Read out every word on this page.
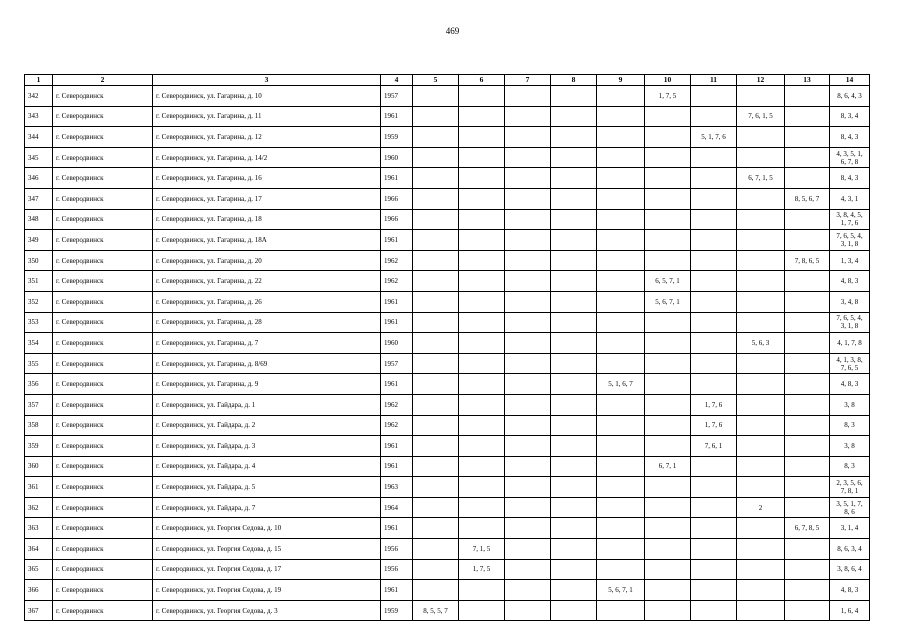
469
1	2	3	4	5	6	7	8	9	10	11	12	13	14
342	г. Северодвинск	г. Северодвинск, ул. Гагарина, д. 10	1957						1, 7, 5				8, 6, 4, 3
343	г. Северодвинск	г. Северодвинск, ул. Гагарина, д. 11	1961								7, 6, 1, 5		8, 3, 4
344	г. Северодвинск	г. Северодвинск, ул. Гагарина, д. 12	1959							5, 1, 7, 6			8, 4, 3
345	г. Северодвинск	г. Северодвинск, ул. Гагарина, д. 14/2	1960										4, 3, 5, 1, 6, 7, 8
346	г. Северодвинск	г. Северодвинск, ул. Гагарина, д. 16	1961								6, 7, 1, 5		8, 4, 3
347	г. Северодвинск	г. Северодвинск, ул. Гагарина, д. 17	1966									8, 5, 6, 7	4, 3, 1
348	г. Северодвинск	г. Северодвинск, ул. Гагарина, д. 18	1966										3, 8, 4, 5, 1, 7, 6
349	г. Северодвинск	г. Северодвинск, ул. Гагарина, д. 18А	1961										7, 6, 5, 4, 3, 1, 8
350	г. Северодвинск	г. Северодвинск, ул. Гагарина, д. 20	1962									7, 8, 6, 5	1, 3, 4
351	г. Северодвинск	г. Северодвинск, ул. Гагарина, д. 22	1962						6, 5, 7, 1				4, 8, 3
352	г. Северодвинск	г. Северодвинск, ул. Гагарина, д. 26	1961						5, 6, 7, 1				3, 4, 8
353	г. Северодвинск	г. Северодвинск, ул. Гагарина, д. 28	1961										7, 6, 5, 4, 3, 1, 8
354	г. Северодвинск	г. Северодвинск, ул. Гагарина, д. 7	1960								5, 6, 3		4, 1, 7, 8
355	г. Северодвинск	г. Северодвинск, ул. Гагарина, д. 8/69	1957										4, 1, 3, 8, 7, 6, 5
356	г. Северодвинск	г. Северодвинск, ул. Гагарина, д. 9	1961					5, 1, 6, 7					4, 8, 3
357	г. Северодвинск	г. Северодвинск, ул. Гайдара, д. 1	1962							1, 7, 6			3, 8
358	г. Северодвинск	г. Северодвинск, ул. Гайдара, д. 2	1962							1, 7, 6			8, 3
359	г. Северодвинск	г. Северодвинск, ул. Гайдара, д. 3	1961							7, 6, 1			3, 8
360	г. Северодвинск	г. Северодвинск, ул. Гайдара, д. 4	1961						6, 7, 1				8, 3
361	г. Северодвинск	г. Северодвинск, ул. Гайдара, д. 5	1963										2, 3, 5, 6, 7, 8, 1
362	г. Северодвинск	г. Северодвинск, ул. Гайдара, д. 7	1964								2		3, 5, 1, 7, 8, 6
363	г. Северодвинск	г. Северодвинск, ул. Георгия Седова, д. 10	1961									6, 7, 8, 5	3, 1, 4
364	г. Северодвинск	г. Северодвинск, ул. Георгия Седова, д. 15	1956		7, 1, 5								8, 6, 3, 4
365	г. Северодвинск	г. Северодвинск, ул. Георгия Седова, д. 17	1956		1, 7, 5								3, 8, 6, 4
366	г. Северодвинск	г. Северодвинск, ул. Георгия Седова, д. 19	1961					5, 6, 7, 1					4, 8, 3
367	г. Северодвинск	г. Северодвинск, ул. Георгия Седова, д. 3	1959	8, 5, 5, 7									1, 6, 4
